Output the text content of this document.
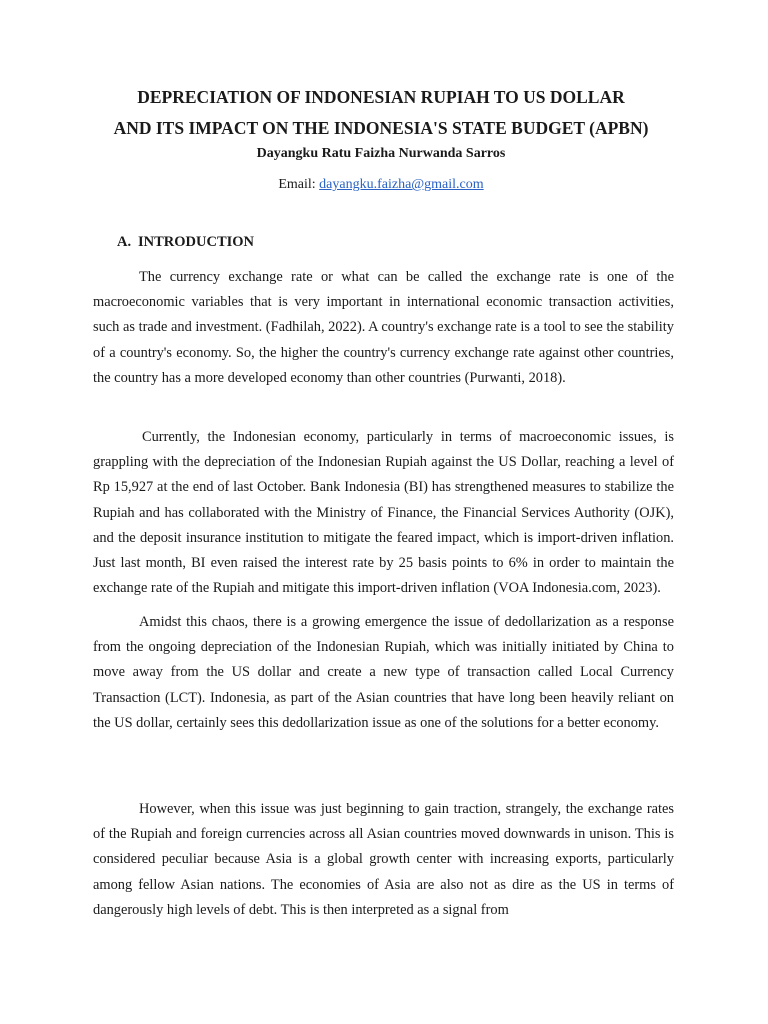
DEPRECIATION OF INDONESIAN RUPIAH TO US DOLLAR

AND ITS IMPACT ON THE INDONESIA'S STATE BUDGET (APBN)

Dayangku Ratu Faizha Nurwanda Sarros

Email: dayangku.faizha@gmail.com

A. INTRODUCTION

The currency exchange rate or what can be called the exchange rate is one of the macroeconomic variables that is very important in international economic transaction activities, such as trade and investment. (Fadhilah, 2022). A country's exchange rate is a tool to see the stability of a country's economy. So, the higher the country's currency exchange rate against other countries, the country has a more developed economy than other countries (Purwanti, 2018).

Currently, the Indonesian economy, particularly in terms of macroeconomic issues, is grappling with the depreciation of the Indonesian Rupiah against the US Dollar, reaching a level of Rp 15,927 at the end of last October. Bank Indonesia (BI) has strengthened measures to stabilize the Rupiah and has collaborated with the Ministry of Finance, the Financial Services Authority (OJK), and the deposit insurance institution to mitigate the feared impact, which is import-driven inflation. Just last month, BI even raised the interest rate by 25 basis points to 6% in order to maintain the exchange rate of the Rupiah and mitigate this import-driven inflation (VOA Indonesia.com, 2023).

Amidst this chaos, there is a growing emergence the issue of dedollarization as a response from the ongoing depreciation of the Indonesian Rupiah, which was initially initiated by China to move away from the US dollar and create a new type of transaction called Local Currency Transaction (LCT). Indonesia, as part of the Asian countries that have long been heavily reliant on the US dollar, certainly sees this dedollarization issue as one of the solutions for a better economy.

However, when this issue was just beginning to gain traction, strangely, the exchange rates of the Rupiah and foreign currencies across all Asian countries moved downwards in unison. This is considered peculiar because Asia is a global growth center with increasing exports, particularly among fellow Asian nations. The economies of Asia are also not as dire as the US in terms of dangerously high levels of debt. This is then interpreted as a signal from
